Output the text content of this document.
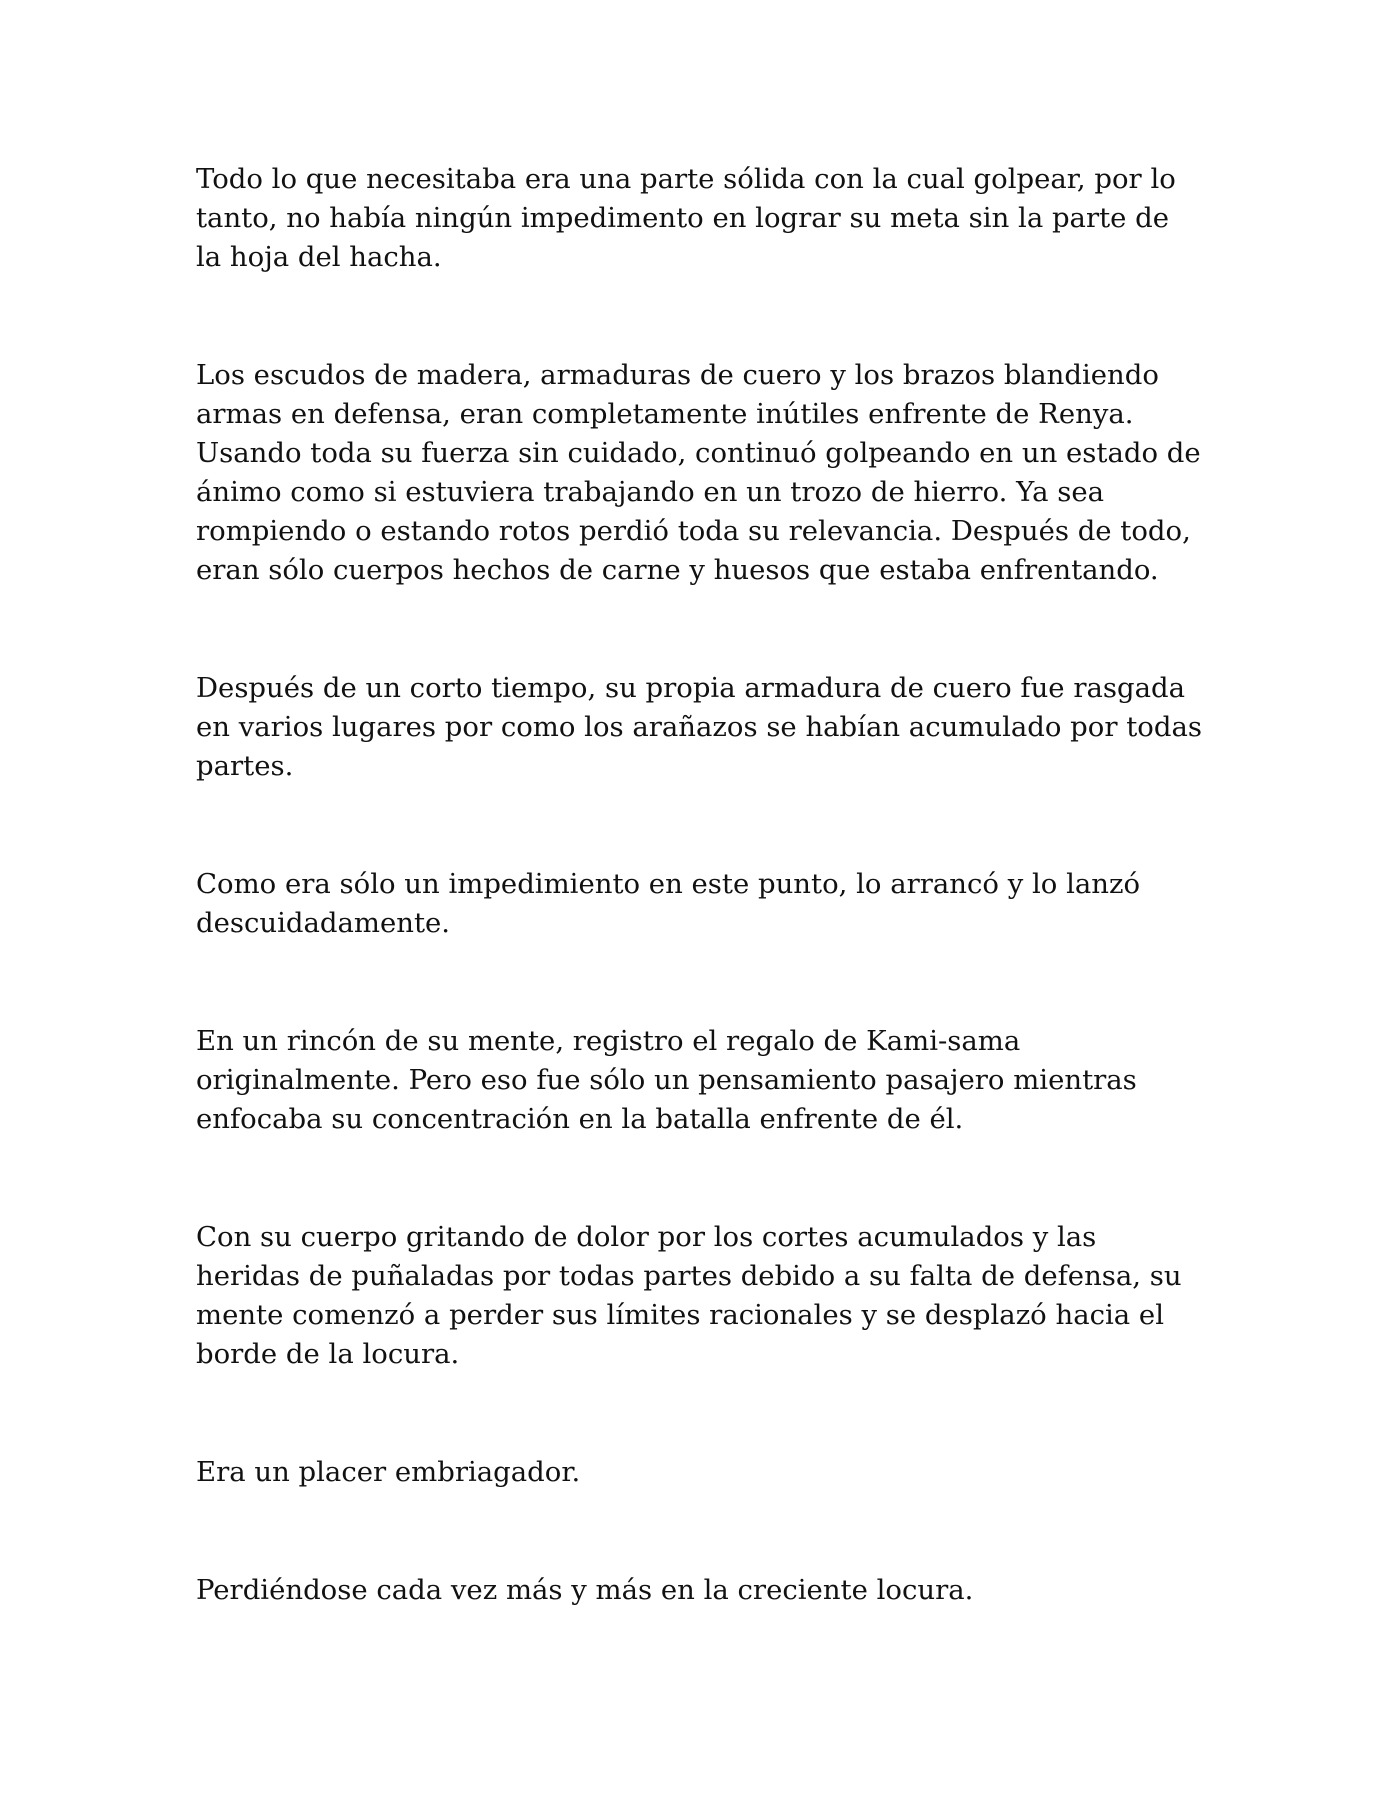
Todo lo que necesitaba era una parte sólida con la cual golpear, por lo
tanto, no había ningún impedimento en lograr su meta sin la parte de
la hoja del hacha.

Los escudos de madera, armaduras de cuero y los brazos blandiendo
armas en defensa, eran completamente inútiles enfrente de Renya.
Usando toda su fuerza sin cuidado, continuó golpeando en un estado de
ánimo como si estuviera trabajando en un trozo de hierro. Ya sea
rompiendo o estando rotos perdió toda su relevancia. Después de todo,
eran sólo cuerpos hechos de carne y huesos que estaba enfrentando.

Después de un corto tiempo, su propia armadura de cuero fue rasgada
en varios lugares por como los arañazos se habían acumulado por todas
partes.

Como era sólo un impedimiento en este punto, lo arrancó y lo lanzó
descuidadamente.

En un rincón de su mente, registro el regalo de Kami-sama
originalmente. Pero eso fue sólo un pensamiento pasajero mientras
enfocaba su concentración en la batalla enfrente de él.

Con su cuerpo gritando de dolor por los cortes acumulados y las
heridas de puñaladas por todas partes debido a su falta de defensa, su
mente comenzó a perder sus límites racionales y se desplazó hacia el
borde de la locura.

Era un placer embriagador.

Perdiéndose cada vez más y más en la creciente locura.
